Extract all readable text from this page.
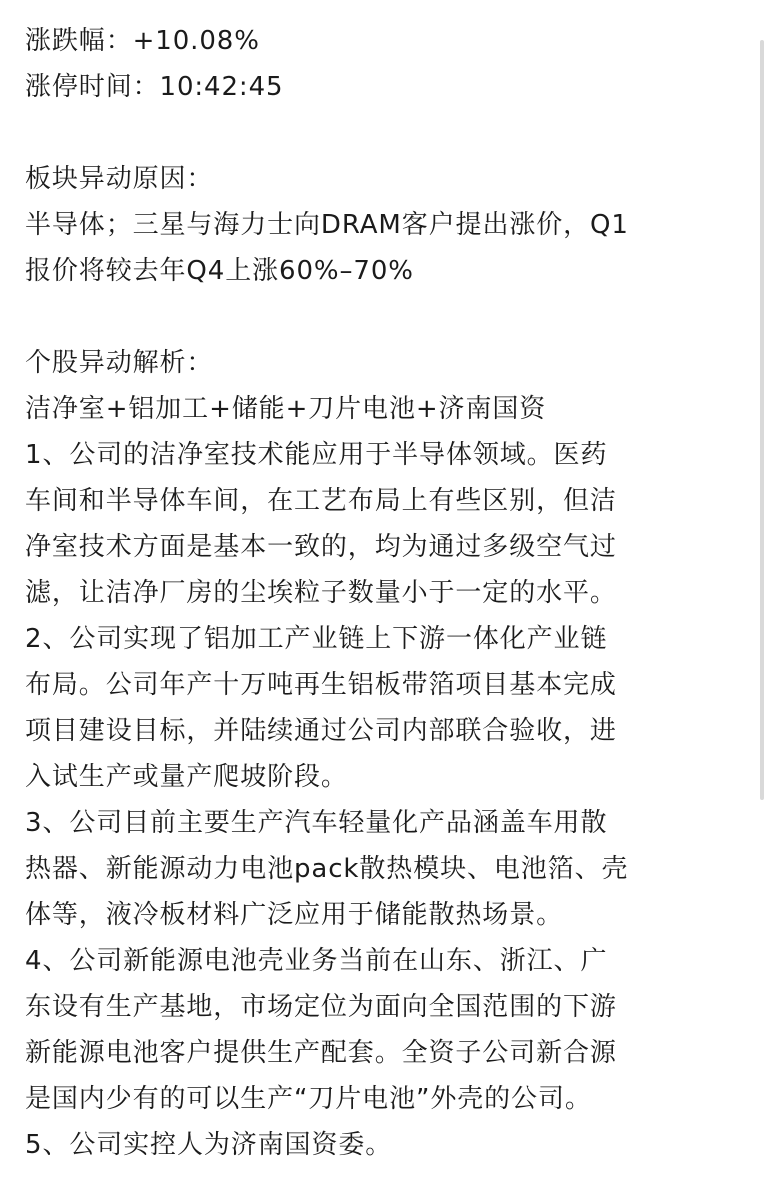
涨跌幅：+10.08%
涨停时间：10:42:45
板块异动原因：
半导体；三星与海力士向DRAM客户提出涨价，Q1
报价将较去年Q4上涨60%–70%
个股异动解析：
洁净室+铝加工+储能+刀片电池+济南国资
1、公司的洁净室技术能应用于半导体领域。医药
车间和半导体车间，在工艺布局上有些区别，但洁
净室技术方面是基本一致的，均为通过多级空气过
滤，让洁净厂房的尘埃粒子数量小于一定的水平。
2、公司实现了铝加工产业链上下游一体化产业链
布局。公司年产十万吨再生铝板带箔项目基本完成
项目建设目标，并陆续通过公司内部联合验收，进
入试生产或量产爬坡阶段。
3、公司目前主要生产汽车轻量化产品涵盖车用散
热器、新能源动力电池pack散热模块、电池箔、壳
体等，液冷板材料广泛应用于储能散热场景。
4、公司新能源电池壳业务当前在山东、浙江、广
东设有生产基地，市场定位为面向全国范围的下游
新能源电池客户提供生产配套。全资子公司新合源
是国内少有的可以生产“刀片电池”外壳的公司。
5、公司实控人为济南国资委。
